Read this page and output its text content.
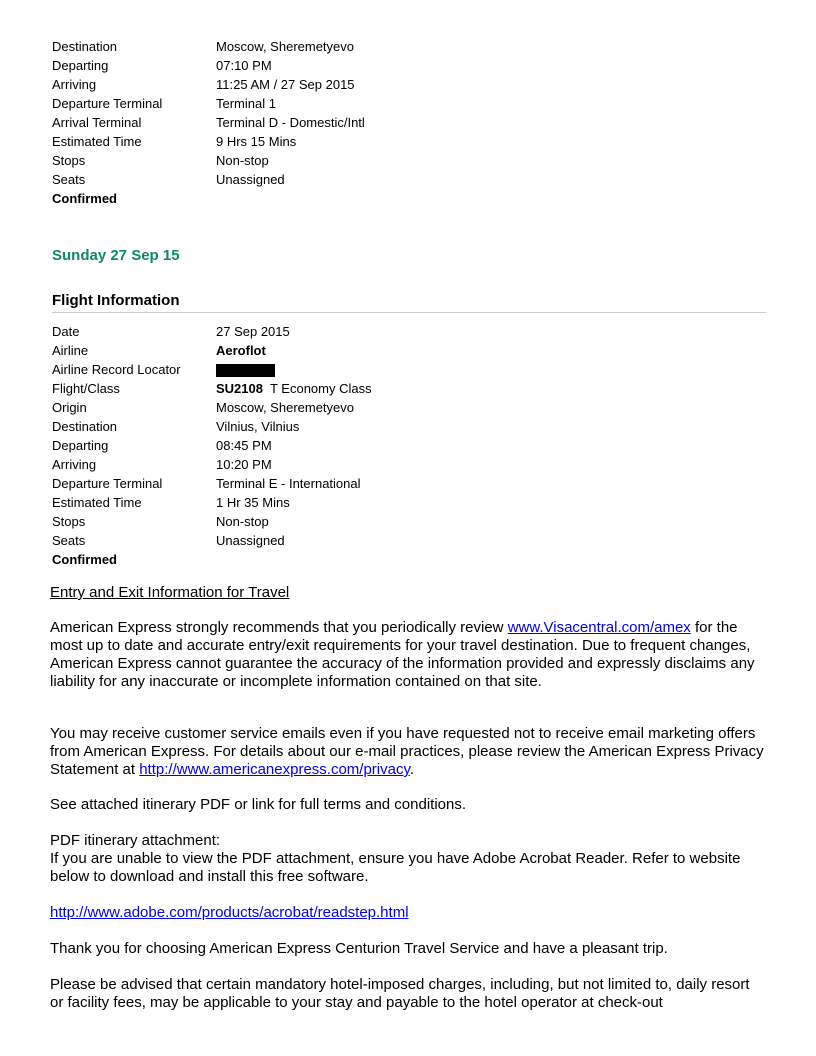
Destination	Moscow, Sheremetyevo
Departing	07:10 PM
Arriving	11:25 AM / 27 Sep 2015
Departure Terminal	Terminal 1
Arrival Terminal	Terminal D - Domestic/Intl
Estimated Time	9 Hrs 15 Mins
Stops	Non-stop
Seats	Unassigned
Confirmed
Sunday 27 Sep 15
Flight Information
Date	27 Sep 2015
Airline	Aeroflot
Airline Record Locator
Flight/Class	SU2108 T Economy Class
Origin	Moscow, Sheremetyevo
Destination	Vilnius, Vilnius
Departing	08:45 PM
Arriving	10:20 PM
Departure Terminal	Terminal E - International
Estimated Time	1 Hr 35 Mins
Stops	Non-stop
Seats	Unassigned
Confirmed
Entry and Exit Information for Travel
American Express strongly recommends that you periodically review www.Visacentral.com/amex for the most up to date and accurate entry/exit requirements for your travel destination. Due to frequent changes, American Express cannot guarantee the accuracy of the information provided and expressly disclaims any liability for any inaccurate or incomplete information contained on that site.
You may receive customer service emails even if you have requested not to receive email marketing offers from American Express. For details about our e-mail practices, please review the American Express Privacy Statement at http://www.americanexpress.com/privacy.
See attached itinerary PDF or link for full terms and conditions.
PDF itinerary attachment:
If you are unable to view the PDF attachment, ensure you have Adobe Acrobat Reader. Refer to website below to download and install this free software.
http://www.adobe.com/products/acrobat/readstep.html
Thank you for choosing American Express Centurion Travel Service and have a pleasant trip.
Please be advised that certain mandatory hotel-imposed charges, including, but not limited to, daily resort or facility fees, may be applicable to your stay and payable to the hotel operator at check-out
